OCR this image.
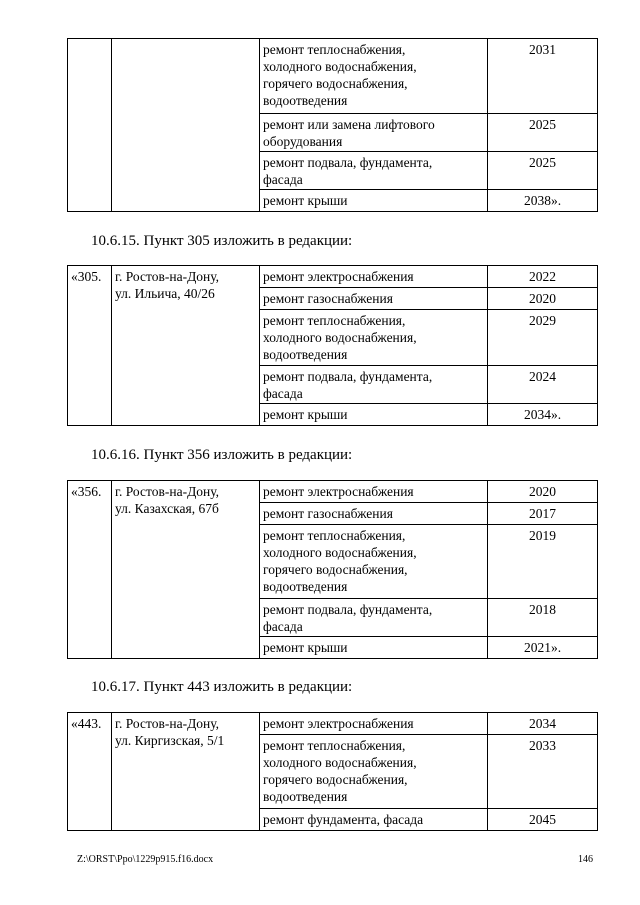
		ремонт теплоснабжения,
холодного водоснабжения,
горячего водоснабжения,
водоотведения	2031
		ремонт или замена лифтового
оборудования	2025
		ремонт подвала, фундамента,
фасада	2025
		ремонт крыши	2038».

10.6.15. Пункт 305 изложить в редакции:

«305.	г. Ростов-на-Дону,
ул. Ильича, 40/26	ремонт электроснабжения	2022
		ремонт газоснабжения	2020
		ремонт теплоснабжения,
холодного водоснабжения,
водоотведения	2029
		ремонт подвала, фундамента,
фасада	2024
		ремонт крыши	2034».

10.6.16. Пункт 356 изложить в редакции:

«356.	г. Ростов-на-Дону,
ул. Казахская, 67б	ремонт электроснабжения	2020
		ремонт газоснабжения	2017
		ремонт теплоснабжения,
холодного водоснабжения,
горячего водоснабжения,
водоотведения	2019
		ремонт подвала, фундамента,
фасада	2018
		ремонт крыши	2021».

10.6.17. Пункт 443 изложить в редакции:

«443.	г. Ростов-на-Дону,
ул. Киргизская, 5/1	ремонт электроснабжения	2034
		ремонт теплоснабжения,
холодного водоснабжения,
горячего водоснабжения,
водоотведения	2033
		ремонт фундамента, фасада	2045
Z:\ORST\Ppo\1229p915.f16.docx	146
